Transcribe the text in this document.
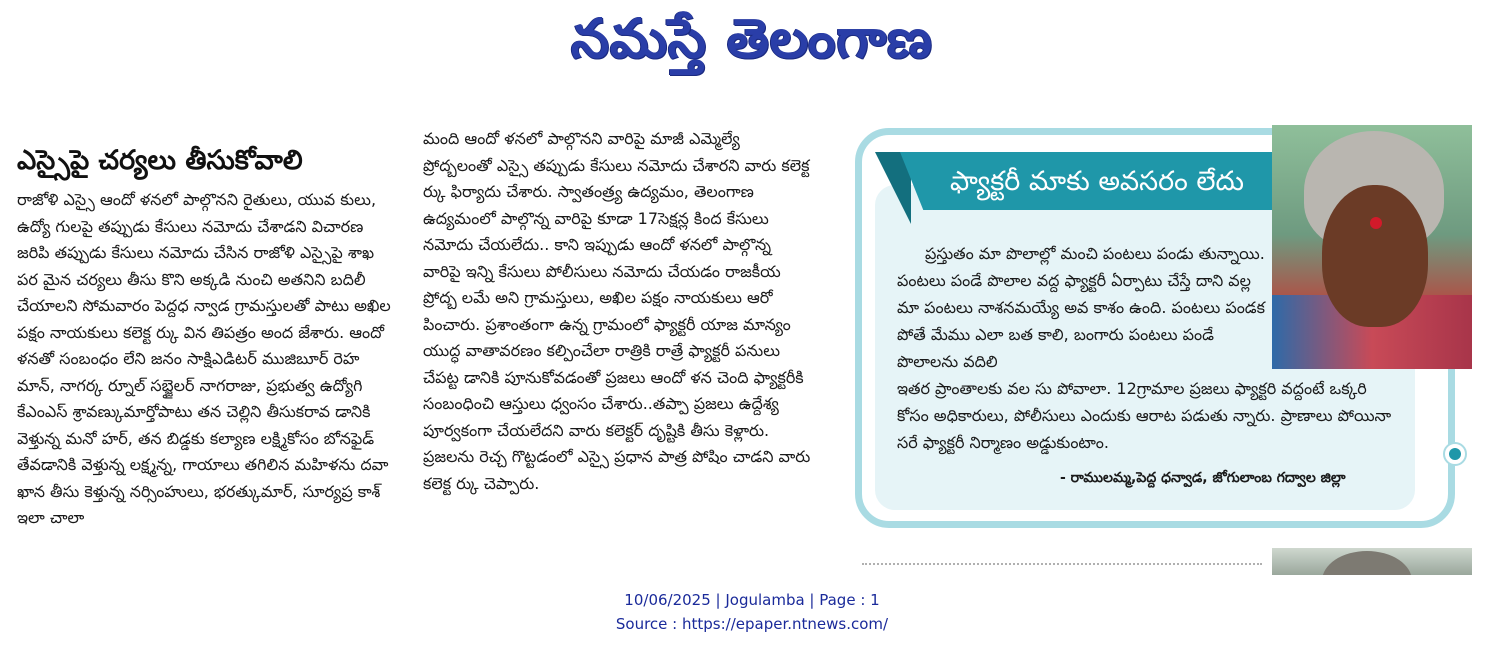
నమస్తే తెలంగాణ
ఎస్సైపై చర్యలు తీసుకోవాలి

రాజోళి ఎస్సై ఆందో ళనలో పాల్గొనని రైతులు, యువ కులు, ఉద్యో గులపై తప్పుడు కేసులు నమోదు చేశాడని విచారణ జరిపి తప్పుడు కేసులు నమోదు చేసిన రాజోళి ఎస్సైపై శాఖ పర మైన చర్యలు తీసు కొని అక్కడి నుంచి అతనిని బదిలీ చేయాలని సోమవారం పెద్దధ న్వాడ గ్రామస్తులతో పాటు అఖిల పక్షం నాయకులు కలెక్ట ర్కు విన తిపత్రం అంద జేశారు. ఆందో ళనతో సంబంధం లేని జనం సాక్షిఎడిటర్ ముజిబూర్ రెహ మాన్, నాగర్క ర్నూల్ సబ్జైలర్ నాగరాజు, ప్రభుత్వ ఉద్యోగి కేఎంఎస్ శ్రావణ్కుమార్తోపాటు తన చెల్లిని తీసుకరావ డానికి వెళ్తున్న మనో హర్, తన బిడ్డకు కల్యాణ లక్ష్మికోసం బోనఫైడ్ తేవడానికి వెళ్తున్న లక్ష్మన్న, గాయాలు తగిలిన మహిళను దవా ఖాన తీసు కెళ్తున్న నర్సింహులు, భరత్కుమార్, సూర్యప్ర కాశ్ ఇలా చాలా

మంది ఆందో ళనలో పాల్గొనని వారిపై మాజీ ఎమ్మెల్యే ప్రోద్బలంతో ఎస్సై తప్పుడు కేసులు నమోదు చేశారని వారు కలెక్ట ర్కు ఫిర్యాదు చేశారు. స్వాతంత్ర్య ఉద్యమం, తెలంగాణ ఉద్యమంలో పాల్గొన్న వారిపై కూడా 17సెక్షన్ల కింద కేసులు నమోదు చేయలేదు.. కాని ఇప్పుడు ఆందో ళనలో పాల్గొన్న వారిపై ఇన్ని కేసులు పోలీసులు నమోదు చేయడం రాజకీయ ప్రోద్బ లమే అని గ్రామస్తులు, అఖిల పక్షం నాయకులు ఆరో పించారు. ప్రశాంతంగా ఉన్న గ్రామంలో ఫ్యాక్టరీ యాజ మాన్యం యుద్ధ వాతావరణం కల్పించేలా రాత్రికి రాత్రే ఫ్యాక్టరీ పనులు చేపట్ట డానికి పూనుకోవడంతో ప్రజలు ఆందో ళన చెంది ఫ్యాక్టరీకి సంబంధించి ఆస్తులు ధ్వంసం చేశారు..తప్పా ప్రజలు ఉద్దేశ్య పూర్వకంగా చేయలేదని వారు కలెక్టర్ దృష్టికి తీసు కెళ్లారు. ప్రజలను రెచ్చ గొట్టడంలో ఎస్సై ప్రధాన పాత్ర పోషిం చాడని వారు కలెక్ట ర్కు చెప్పారు.

ఫ్యాక్టరీ మాకు అవసరం లేదు
ప్రస్తుతం మా పొలాల్లో మంచి పంటలు పండు తున్నాయి. పంటలు పండే పొలాల వద్ద ఫ్యాక్టరీ ఏర్పాటు చేస్తే దాని వల్ల మా పంటలు నాశనమయ్యే అవ కాశం ఉంది. పంటలు పండక పోతే మేము ఎలా బత కాలి, బంగారు పంటలు పండే పొలాలను వదిలి
ఇతర ప్రాంతాలకు వల సు పోవాలా. 12గ్రామాల ప్రజలు ఫ్యాక్టరి వద్దంటే ఒక్కరి కోసం అధికారులు, పోలీసులు ఎందుకు ఆరాట పడుతు న్నారు. ప్రాణాలు పోయినా సరే ఫ్యాక్టరీ నిర్మాణం అడ్డుకుంటాం.
- రాములమ్మ,పెద్ద ధన్వాడ, జోగులాంబ గద్వాల జిల్లా
10/06/2025 | Jogulamba | Page : 1
Source : https://epaper.ntnews.com/
